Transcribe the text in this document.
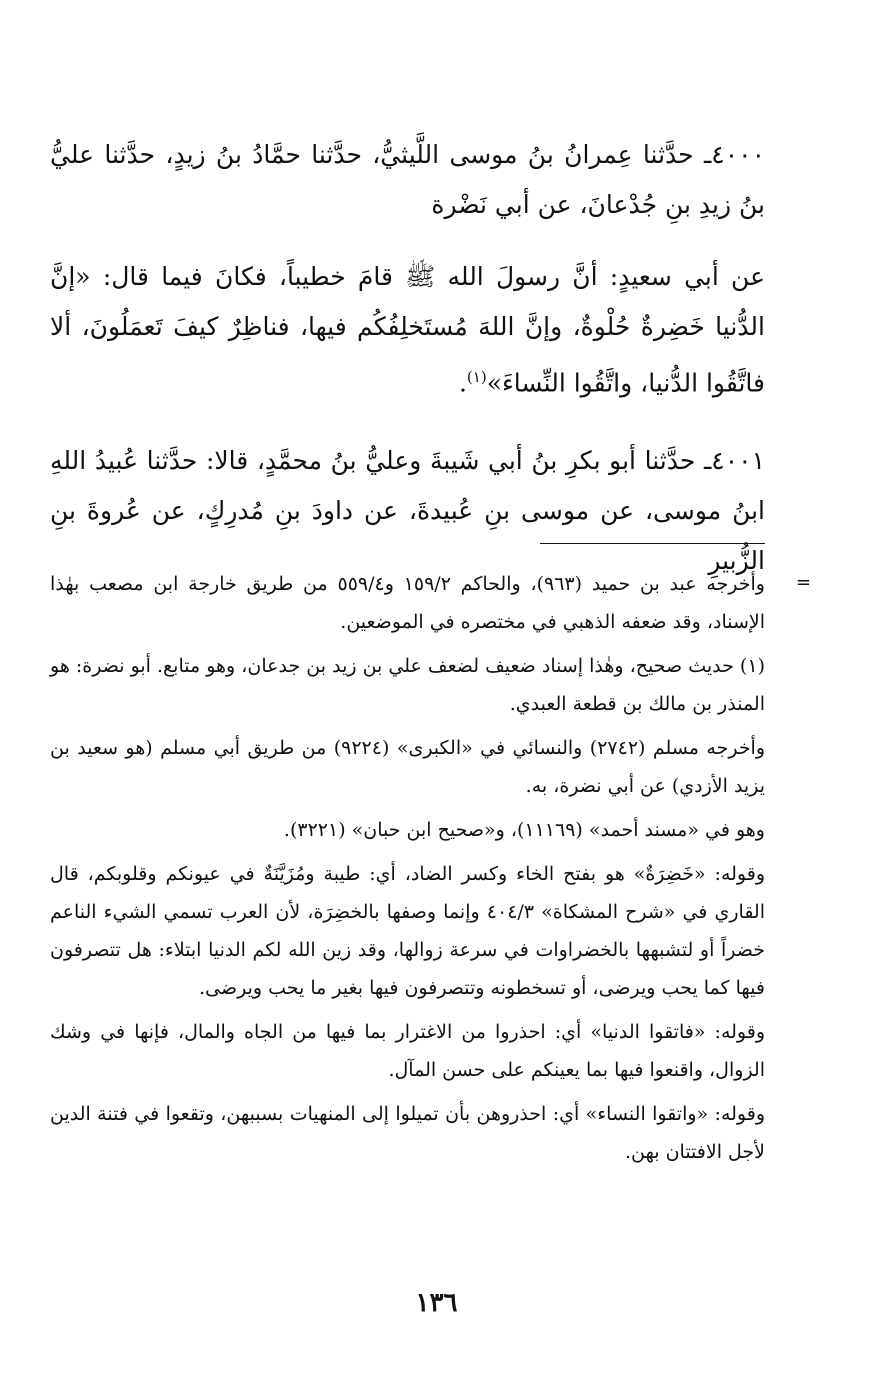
٤٠٠٠ـ حدَّثنا عِمرانُ بنُ موسى اللَّيثيُّ، حدَّثنا حمَّادُ بنُ زيدٍ، حدَّثنا عليُّ بنُ زيدِ بنِ جُدْعانَ، عن أبي نَضْرة

عن أبي سعيدٍ: أنَّ رسولَ الله ﷺ قامَ خطيباً، فكانَ فيما قال: «إنَّ الدُّنيا خَضِرةٌ حُلْوةٌ، وإنَّ اللهَ مُستَخلِفُكُم فيها، فناظِرٌ كيفَ تَعمَلُونَ، ألا فاتَّقُوا الدُّنيا، واتَّقُوا النِّساءَ»$^{(١)}$.

٤٠٠١ـ حدَّثنا أبو بكرِ بنُ أبي شَيبةَ وعليُّ بنُ محمَّدٍ، قالا: حدَّثنا عُبيدُ اللهِ ابنُ موسى، عن موسى بنِ عُبيدةَ، عن داودَ بنِ مُدرِكٍ، عن عُروةَ بنِ الزُّبيرِ

=

وأخرجه عبد بن حميد (٩٦٣)، والحاكم ١٥٩/٢ و٥٥٩/٤ من طريق خارجة ابن مصعب بهٰذا الإسناد، وقد ضعفه الذهبي في مختصره في الموضعين.

(١) حديث صحيح، وهٰذا إسناد ضعيف لضعف علي بن زيد بن جدعان، وهو متابع. أبو نضرة: هو المنذر بن مالك بن قطعة العبدي.

وأخرجه مسلم (٢٧٤٢) والنسائي في «الكبرى» (٩٢٢٤) من طريق أبي مسلم (هو سعيد بن يزيد الأزدي) عن أبي نضرة، به.

وهو في «مسند أحمد» (١١١٦٩)، و«صحيح ابن حبان» (٣٢٢١).

وقوله: «خَضِرَةٌ» هو بفتح الخاء وكسر الضاد، أي: طيبة ومُزَيَّنَةٌ في عيونكم وقلوبكم، قال القاري في «شرح المشكاة» ٤٠٤/٣ وإنما وصفها بالخضِرَة، لأن العرب تسمي الشيء الناعم خضراً أو لتشبهها بالخضراوات في سرعة زوالها، وقد زين الله لكم الدنيا ابتلاء: هل تتصرفون فيها كما يحب ويرضى، أو تسخطونه وتتصرفون فيها بغير ما يحب ويرضى.

وقوله: «فاتقوا الدنيا» أي: احذروا من الاغترار بما فيها من الجاه والمال، فإنها في وشك الزوال، واقنعوا فيها بما يعينكم على حسن المآل.

وقوله: «واتقوا النساء» أي: احذروهن بأن تميلوا إلى المنهيات بسببهن، وتقعوا في فتنة الدين لأجل الافتتان بهن.

١٣٦
